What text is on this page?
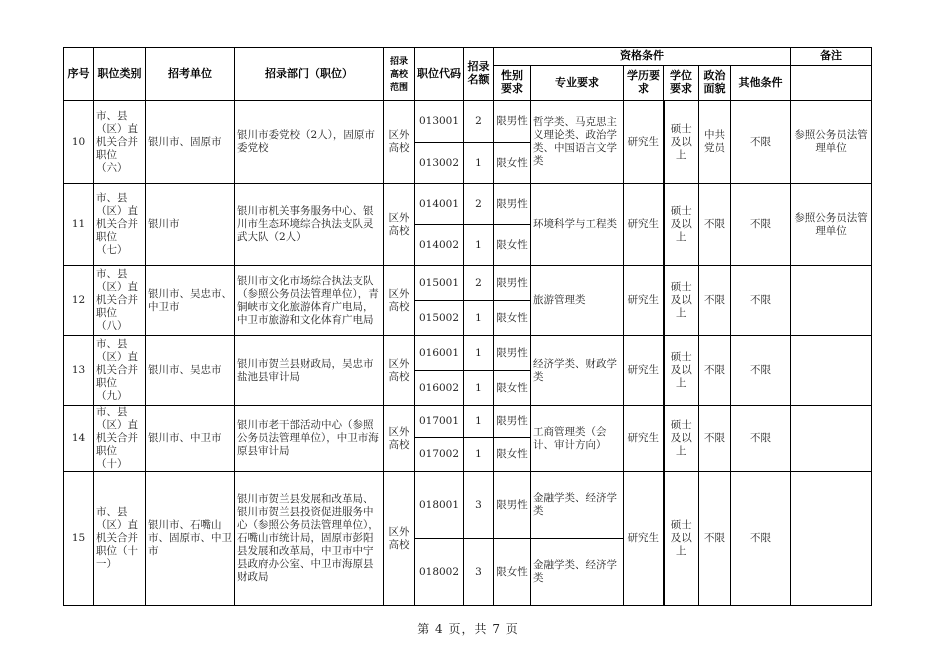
序号	职位类别	招考单位	招录部门（职位）	招录高校范围	职位代码	招录名额	资格条件						备注
							性别要求	专业要求	学历要求	学位要求	政治面貌	其他条件	
10	市、县（区）直机关合并职位（六）	银川市、固原市	银川市委党校（2人），固原市委党校	区外高校	013001	2	限男性	哲学类、马克思主义理论类、政治学类、中国语言文学类	研究生	硕士及以上	中共党员	不限	参照公务员法管理单位
					013002	1	限女性						
11	市、县（区）直机关合并职位（七）	银川市	银川市机关事务服务中心、银川市生态环境综合执法支队灵武大队（2人）	区外高校	014001	2	限男性	环境科学与工程类	研究生	硕士及以上	不限	不限	参照公务员法管理单位
					014002	1	限女性						
12	市、县（区）直机关合并职位（八）	银川市、吴忠市、中卫市	银川市文化市场综合执法支队（参照公务员法管理单位），青铜峡市文化旅游体育广电局，中卫市旅游和文化体育广电局	区外高校	015001	2	限男性	旅游管理类	研究生	硕士及以上	不限	不限	
					015002	1	限女性						
13	市、县（区）直机关合并职位（九）	银川市、吴忠市	银川市贺兰县财政局，吴忠市盐池县审计局	区外高校	016001	1	限男性	经济学类、财政学类	研究生	硕士及以上	不限	不限	
					016002	1	限女性						
14	市、县（区）直机关合并职位（十）	银川市、中卫市	银川市老干部活动中心（参照公务员法管理单位），中卫市海原县审计局	区外高校	017001	1	限男性	工商管理类（会计、审计方向）	研究生	硕士及以上	不限	不限	
					017002	1	限女性						
15	市、县（区）直机关合并职位（十一）	银川市、石嘴山市、固原市、中卫市	银川市贺兰县发展和改革局、银川市贺兰县投资促进服务中心（参照公务员法管理单位），石嘴山市统计局，固原市彭阳县发展和改革局，中卫市中宁县政府办公室、中卫市海原县财政局	区外高校	018001	3	限男性	金融学类、经济学类	研究生	硕士及以上	不限	不限	
					018002	3	限女性	金融学类、经济学类					
第 4 页，共 7 页
